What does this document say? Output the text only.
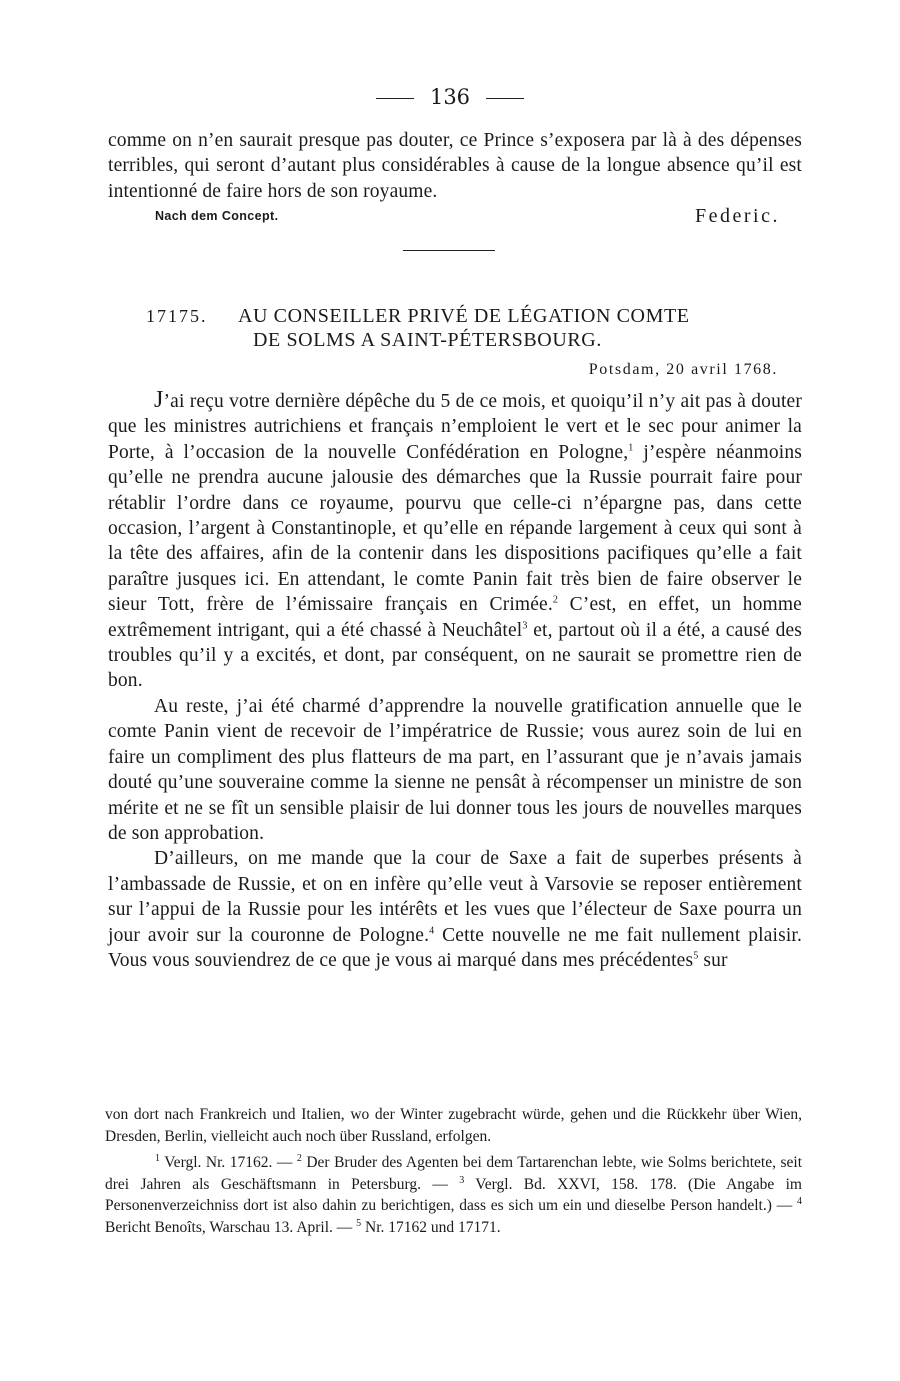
136

comme on n’en saurait presque pas douter, ce Prince s’exposera par là à des dépenses terribles, qui seront d’autant plus considérables à cause de la longue absence qu’il est intentionné de faire hors de son royaume.

Nach dem Concept.	Federic.
17175. AU CONSEILLER PRIVÉ DE LÉGATION COMTE
DE SOLMS A SAINT-PÉTERSBOURG.
Potsdam, 20 avril 1768.

J’ai reçu votre dernière dépêche du 5 de ce mois, et quoiqu’il n’y ait pas à douter que les ministres autrichiens et français n’emploient le vert et le sec pour animer la Porte, à l’occasion de la nouvelle Confédération en Pologne,$^1$ j’espère néanmoins qu’elle ne prendra aucune jalousie des démarches que la Russie pourrait faire pour rétablir l’ordre dans ce royaume, pourvu que celle-ci n’épargne pas, dans cette occasion, l’argent à Constantinople, et qu’elle en répande largement à ceux qui sont à la tête des affaires, afin de la contenir dans les dispositions pacifiques qu’elle a fait paraître jusques ici. En attendant, le comte Panin fait très bien de faire observer le sieur Tott, frère de l’émissaire français en Crimée.$^2$ C’est, en effet, un homme extrêmement intrigant, qui a été chassé à Neuchâtel$^3$ et, partout où il a été, a causé des troubles qu’il y a excités, et dont, par conséquent, on ne saurait se promettre rien de bon.

Au reste, j’ai été charmé d’apprendre la nouvelle gratification annuelle que le comte Panin vient de recevoir de l’impératrice de Russie; vous aurez soin de lui en faire un compliment des plus flatteurs de ma part, en l’assurant que je n’avais jamais douté qu’une souveraine comme la sienne ne pensât à récompenser un ministre de son mérite et ne se fît un sensible plaisir de lui donner tous les jours de nouvelles marques de son approbation.

D’ailleurs, on me mande que la cour de Saxe a fait de superbes présents à l’ambassade de Russie, et on en infère qu’elle veut à Varsovie se reposer entièrement sur l’appui de la Russie pour les intérêts et les vues que l’électeur de Saxe pourra un jour avoir sur la couronne de Pologne.$^4$ Cette nouvelle ne me fait nullement plaisir. Vous vous souviendrez de ce que je vous ai marqué dans mes précédentes$^5$ sur

von dort nach Frankreich und Italien, wo der Winter zugebracht würde, gehen und die Rückkehr über Wien, Dresden, Berlin, vielleicht auch noch über Russland, erfolgen.

$^1$ Vergl. Nr. 17162. — $^2$ Der Bruder des Agenten bei dem Tartarenchan lebte, wie Solms berichtete, seit drei Jahren als Geschäftsmann in Petersburg. — $^3$ Vergl. Bd. XXVI, 158. 178. (Die Angabe im Personenverzeichniss dort ist also dahin zu berichtigen, dass es sich um ein und dieselbe Person handelt.) — $^4$ Bericht Benoîts, Warschau 13. April. — $^5$ Nr. 17162 und 17171.
